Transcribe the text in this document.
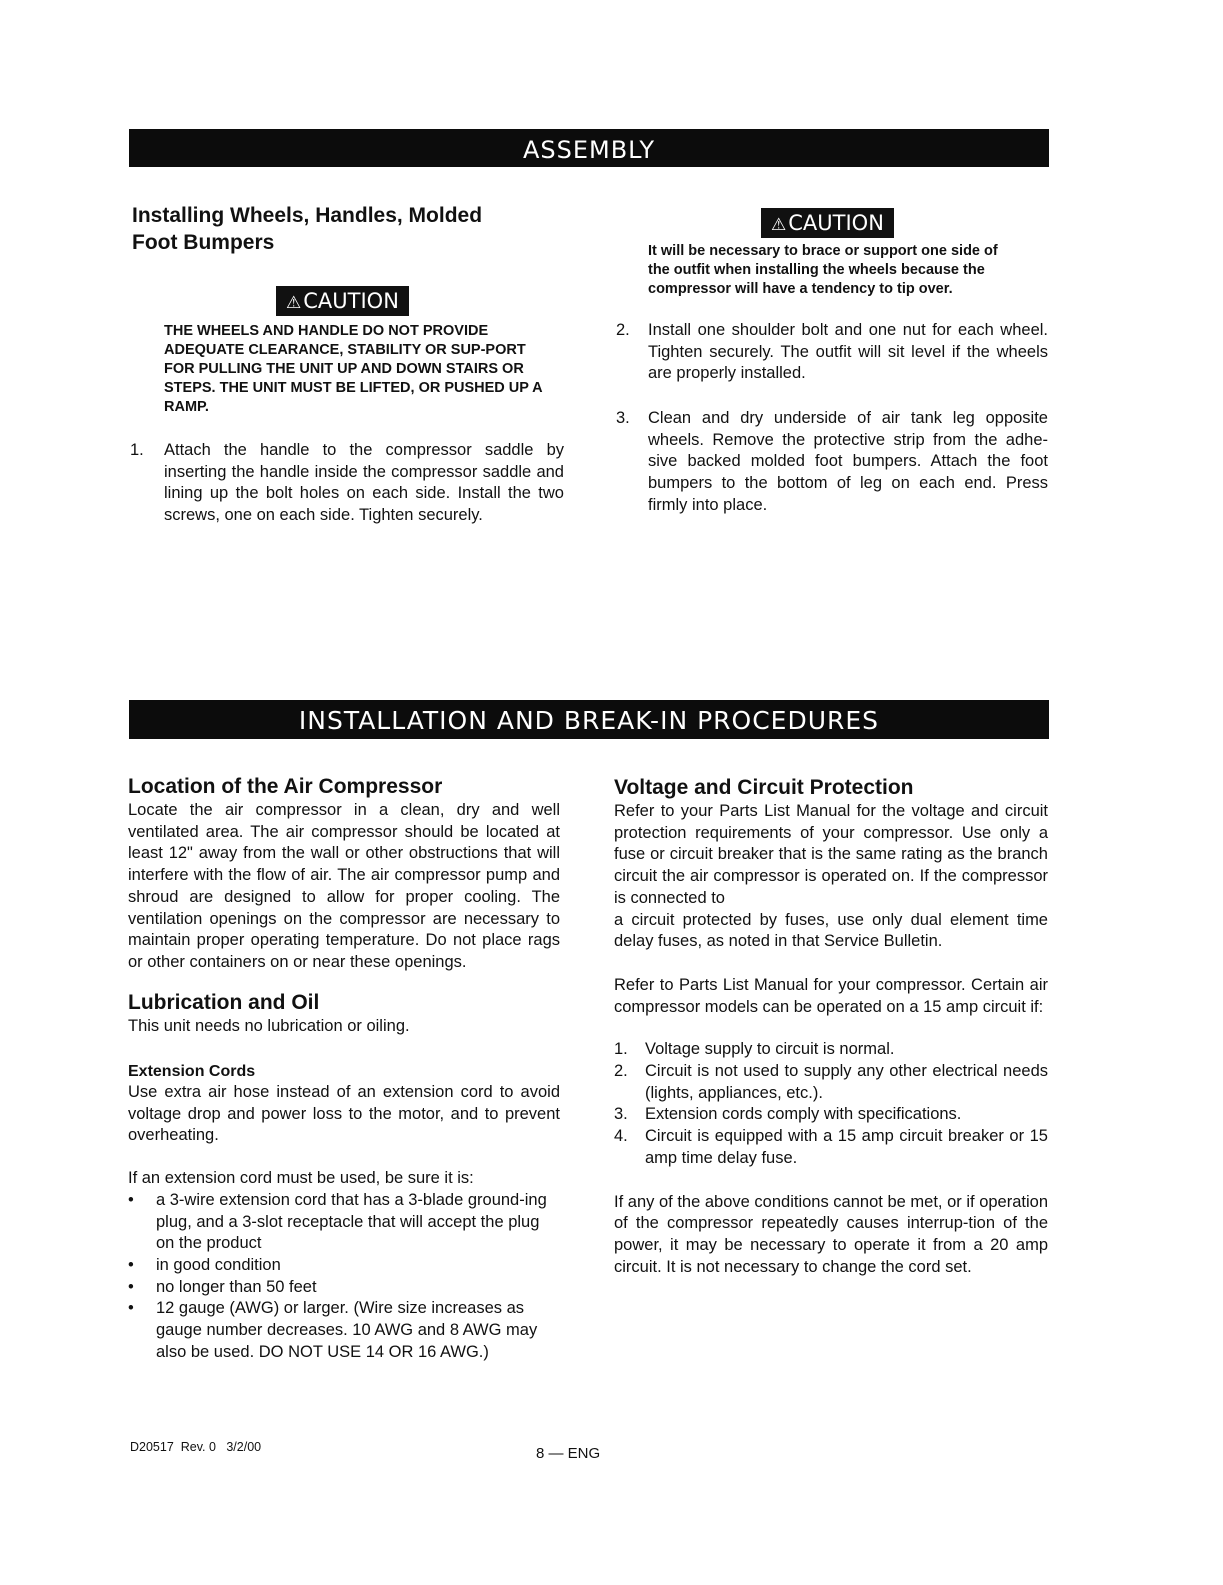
ASSEMBLY
Installing Wheels, Handles, Molded
Foot Bumpers
⚠CAUTION

THE WHEELS AND HANDLE DO NOT PROVIDE ADEQUATE CLEARANCE, STABILITY OR SUP-PORT FOR PULLING THE UNIT UP AND DOWN STAIRS OR STEPS. THE UNIT MUST BE LIFTED, OR PUSHED UP A RAMP.

1. Attach the handle to the compressor saddle by inserting the handle inside the compressor saddle and lining up the bolt holes on each side. Install the two screws, one on each side. Tighten securely.
⚠CAUTION

It will be necessary to brace or support one side of the outfit when installing the wheels because the compressor will have a tendency to tip over.

2. Install one shoulder bolt and one nut for each wheel. Tighten securely. The outfit will sit level if the wheels are properly installed.
3. Clean and dry underside of air tank leg opposite wheels. Remove the protective strip from the adhe-sive backed molded foot bumpers. Attach the foot bumpers to the bottom of leg on each end. Press firmly into place.
INSTALLATION AND BREAK-IN PROCEDURES
Location of the Air Compressor

Locate the air compressor in a clean, dry and well ventilated area. The air compressor should be located at least 12" away from the wall or other obstructions that will interfere with the flow of air. The air compressor pump and shroud are designed to allow for proper cooling. The ventilation openings on the compressor are necessary to maintain proper operating temperature. Do not place rags or other containers on or near these openings.

Lubrication and Oil

This unit needs no lubrication or oiling.

Extension Cords

Use extra air hose instead of an extension cord to avoid voltage drop and power loss to the motor, and to prevent overheating.

If an extension cord must be used, be sure it is:

• a 3-wire extension cord that has a 3-blade ground-ing plug, and a 3-slot receptacle that will accept the plug on the product
• in good condition
• no longer than 50 feet
• 12 gauge (AWG) or larger. (Wire size increases as gauge number decreases. 10 AWG and 8 AWG may also be used. DO NOT USE 14 OR 16 AWG.)
Voltage and Circuit Protection

Refer to your Parts List Manual for the voltage and circuit protection requirements of your compressor. Use only a fuse or circuit breaker that is the same rating as the branch circuit the air compressor is operated on. If the compressor is connected to

a circuit protected by fuses, use only dual element time delay fuses, as noted in that Service Bulletin.

Refer to Parts List Manual for your compressor. Certain air compressor models can be operated on a 15 amp circuit if:

1. Voltage supply to circuit is normal.
2. Circuit is not used to supply any other electrical needs (lights, appliances, etc.).
3. Extension cords comply with specifications.
4. Circuit is equipped with a 15 amp circuit breaker or 15 amp time delay fuse.

If any of the above conditions cannot be met, or if operation of the compressor repeatedly causes interrup-tion of the power, it may be necessary to operate it from a 20 amp circuit. It is not necessary to change the cord set.

D20517  Rev. 0   3/2/00	8 — ENG
